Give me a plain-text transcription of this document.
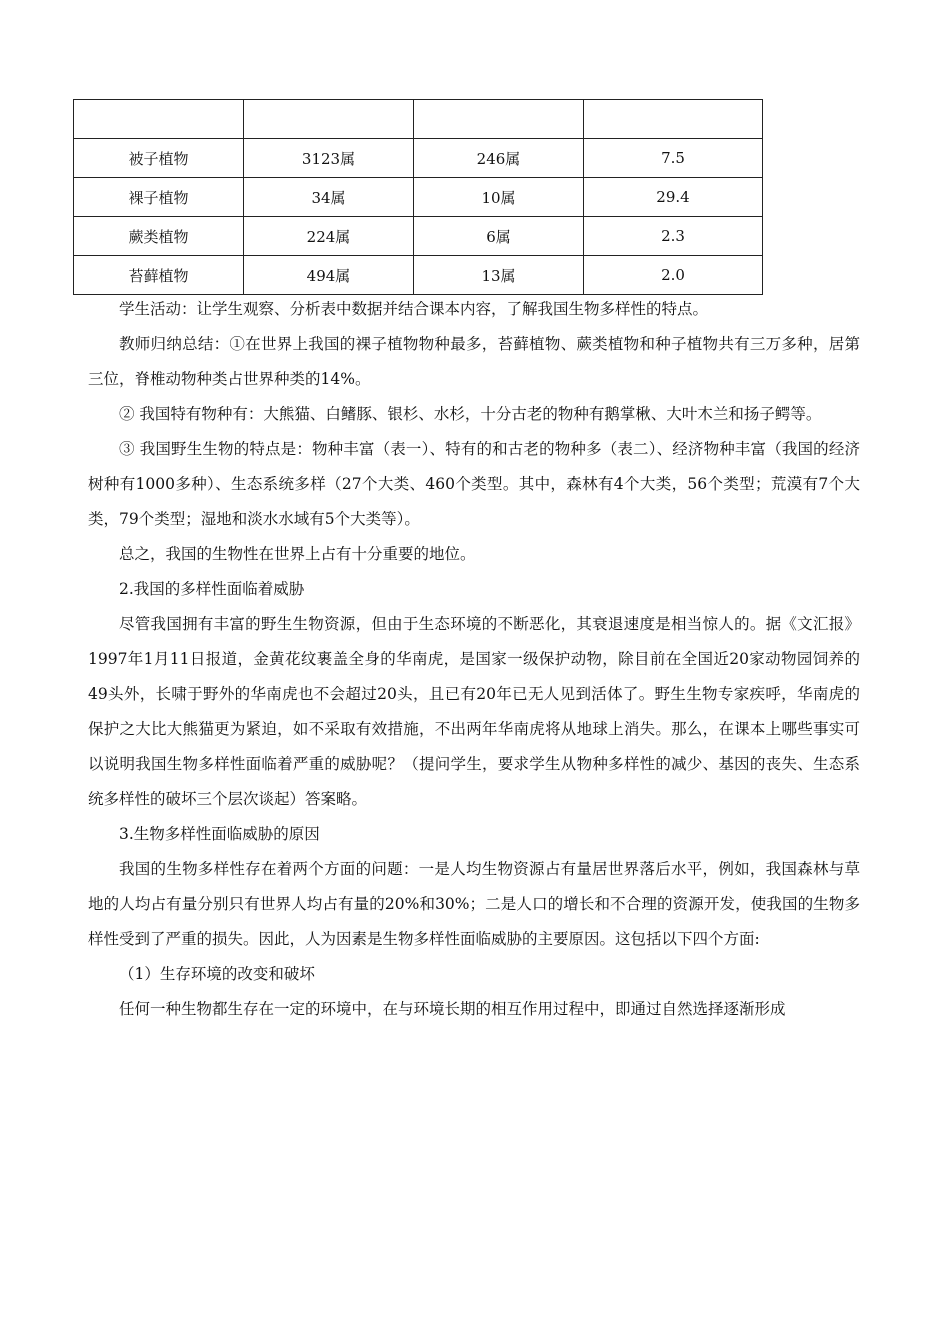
被子植物	3123属	246属	7.5
裸子植物	34属	10属	29.4
蕨类植物	224属	6属	2.3
苔藓植物	494属	13属	2.0

学生活动：让学生观察、分析表中数据并结合课本内容，了解我国生物多样性的特点。

教师归纳总结：①在世界上我国的裸子植物物种最多，苔藓植物、蕨类植物和种子植物共有三万多种，居第三位，脊椎动物种类占世界种类的14%。

② 我国特有物种有：大熊猫、白鳍豚、银杉、水杉，十分古老的物种有鹅掌楸、大叶木兰和扬子鳄等。

③ 我国野生生物的特点是：物种丰富（表一）、特有的和古老的物种多（表二）、经济物种丰富（我国的经济树种有1000多种）、生态系统多样（27个大类、460个类型。其中，森林有4个大类，56个类型；荒漠有7个大类，79个类型；湿地和淡水水域有5个大类等）。

总之，我国的生物性在世界上占有十分重要的地位。

2.我国的多样性面临着威胁

尽管我国拥有丰富的野生生物资源，但由于生态环境的不断恶化，其衰退速度是相当惊人的。据《文汇报》1997年1月11日报道，金黄花纹裹盖全身的华南虎，是国家一级保护动物，除目前在全国近20家动物园饲养的49头外，长啸于野外的华南虎也不会超过20头，且已有20年已无人见到活体了。野生生物专家疾呼，华南虎的保护之大比大熊猫更为紧迫，如不采取有效措施，不出两年华南虎将从地球上消失。那么，在课本上哪些事实可以说明我国生物多样性面临着严重的威胁呢？（提问学生，要求学生从物种多样性的减少、基因的丧失、生态系统多样性的破坏三个层次谈起）答案略。

3.生物多样性面临威胁的原因

我国的生物多样性存在着两个方面的问题：一是人均生物资源占有量居世界落后水平，例如，我国森林与草地的人均占有量分别只有世界人均占有量的20%和30%；二是人口的增长和不合理的资源开发，使我国的生物多样性受到了严重的损失。因此，人为因素是生物多样性面临威胁的主要原因。这包括以下四个方面:

（1）生存环境的改变和破坏

任何一种生物都生存在一定的环境中，在与环境长期的相互作用过程中，即通过自然选择逐渐形成
